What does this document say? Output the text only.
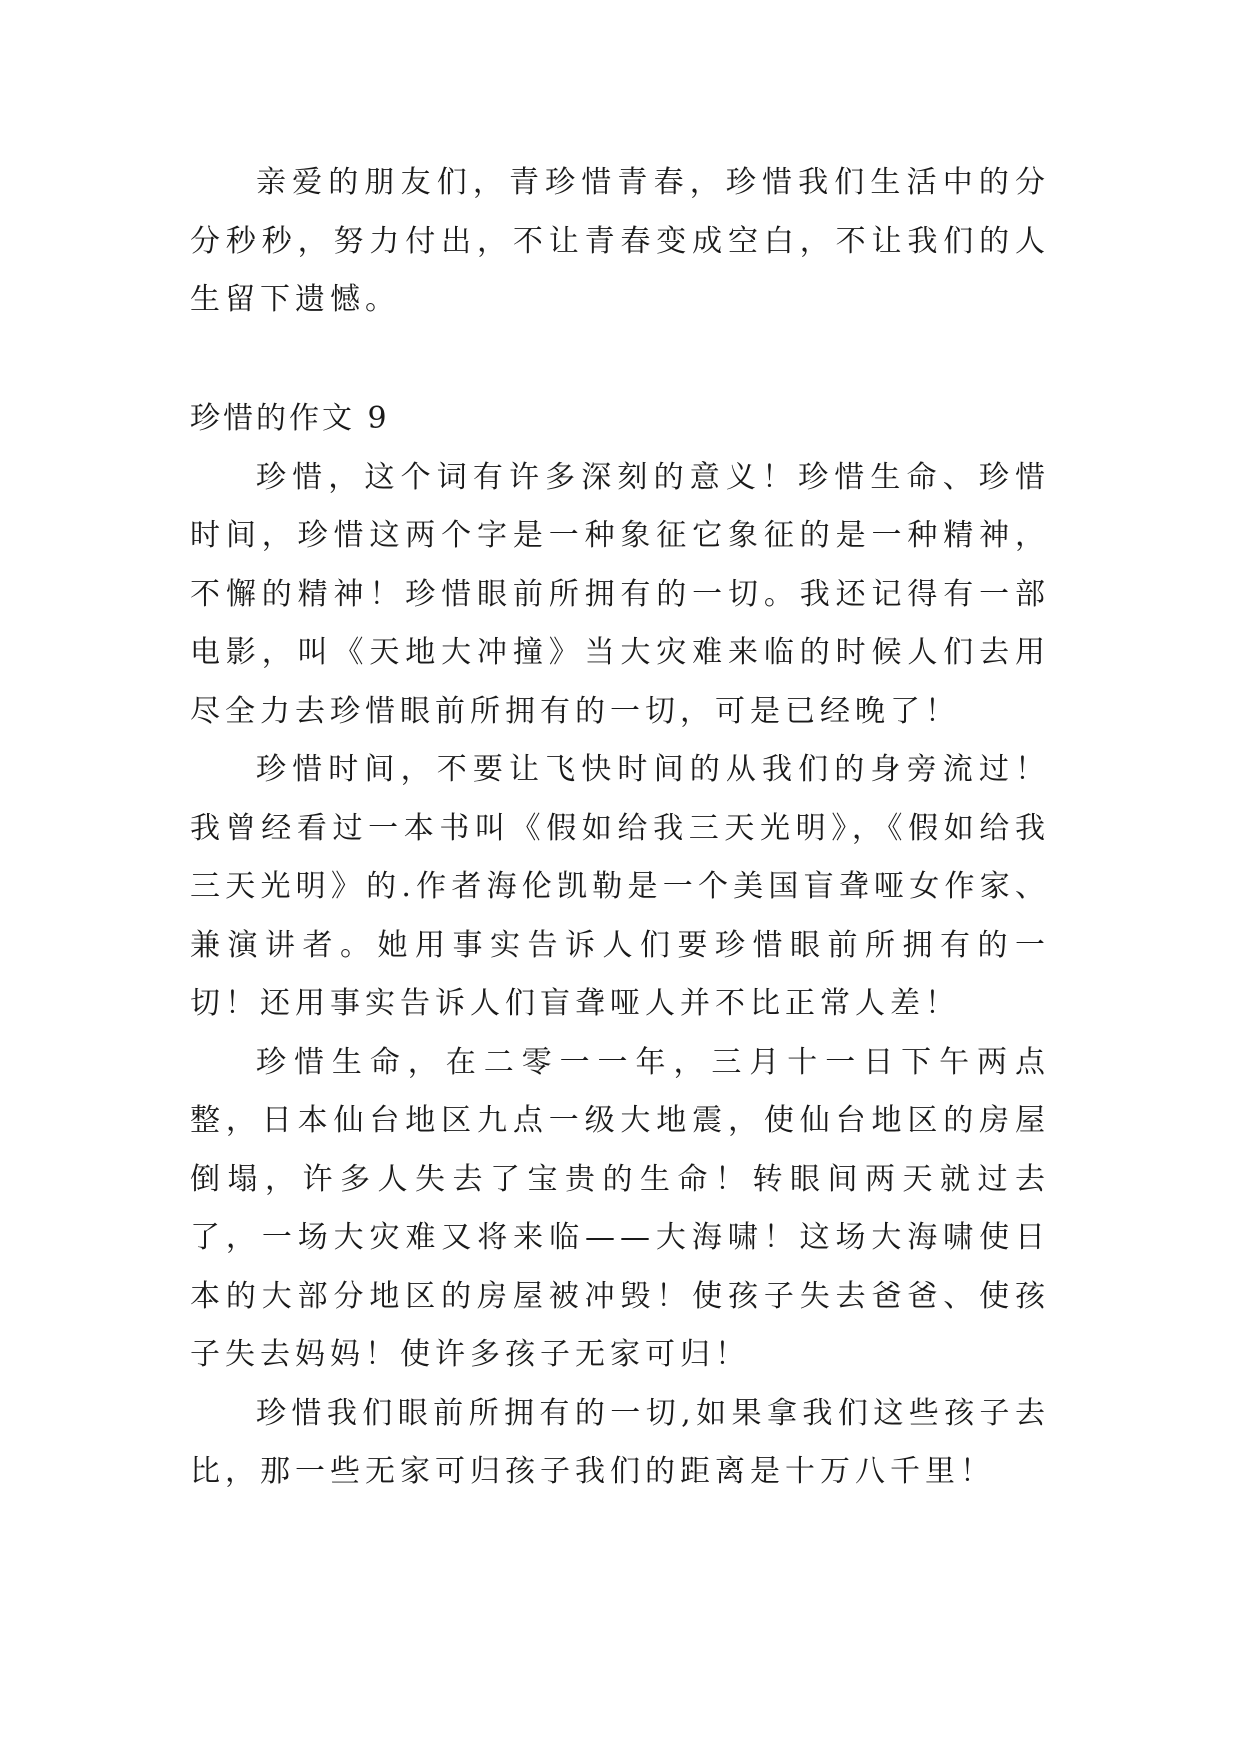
亲爱的朋友们，青珍惜青春，珍惜我们生活中的分分秒秒，努力付出，不让青春变成空白，不让我们的人生留下遗憾。

珍惜的作文 9

珍惜，这个词有许多深刻的意义！珍惜生命、珍惜时间，珍惜这两个字是一种象征它象征的是一种精神，不懈的精神！珍惜眼前所拥有的一切。我还记得有一部电影，叫《天地大冲撞》当大灾难来临的时候人们去用尽全力去珍惜眼前所拥有的一切，可是已经晚了！

珍惜时间，不要让飞快时间的从我们的身旁流过！我曾经看过一本书叫《假如给我三天光明》，《假如给我三天光明》的.作者海伦凯勒是一个美国盲聋哑女作家、兼演讲者。她用事实告诉人们要珍惜眼前所拥有的一切！还用事实告诉人们盲聋哑人并不比正常人差！

珍惜生命，在二零一一年，三月十一日下午两点整，日本仙台地区九点一级大地震，使仙台地区的房屋倒塌，许多人失去了宝贵的生命！转眼间两天就过去了，一场大灾难又将来临——大海啸！这场大海啸使日本的大部分地区的房屋被冲毁！使孩子失去爸爸、使孩子失去妈妈！使许多孩子无家可归！

珍惜我们眼前所拥有的一切,如果拿我们这些孩子去比，那一些无家可归孩子我们的距离是十万八千里！
